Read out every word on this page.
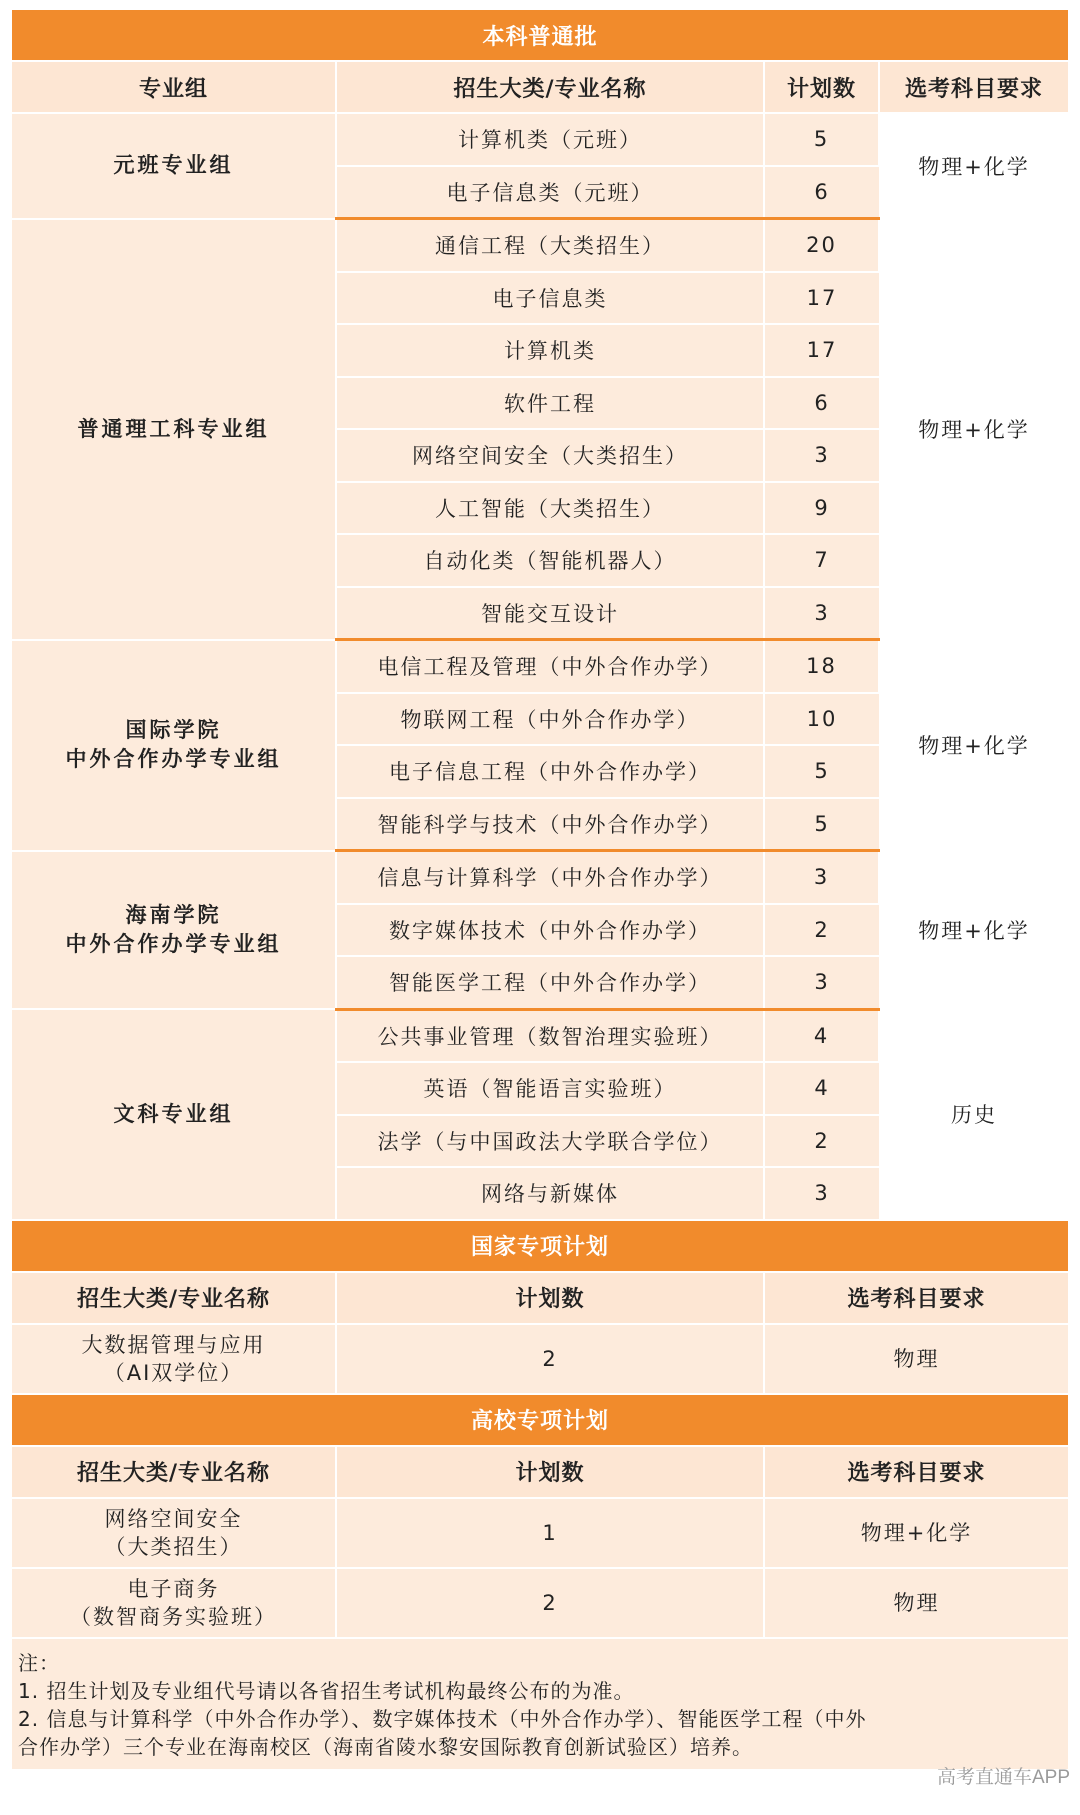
本科普通批			
专业组	招生大类/专业名称	计划数	选考科目要求
元班专业组	计算机类（元班）	5	物理+化学
	电子信息类（元班）	6	
普通理工科专业组	通信工程（大类招生）	20	物理+化学
	电子信息类	17	
	计算机类	17	
	软件工程	6	
	网络空间安全（大类招生）	3	
	人工智能（大类招生）	9	
	自动化类（智能机器人）	7	
	智能交互设计	3	
国际学院
中外合作办学专业组	电信工程及管理（中外合作办学）	18	物理+化学
	物联网工程（中外合作办学）	10	
	电子信息工程（中外合作办学）	5	
	智能科学与技术（中外合作办学）	5	
海南学院
中外合作办学专业组	信息与计算科学（中外合作办学）	3	物理+化学
	数字媒体技术（中外合作办学）	2	
	智能医学工程（中外合作办学）	3	
文科专业组	公共事业管理（数智治理实验班）	4	历史
	英语（智能语言实验班）	4	
	法学（与中国政法大学联合学位）	2	
	网络与新媒体	3	
国家专项计划		
招生大类/专业名称	计划数	选考科目要求
大数据管理与应用
（AI双学位）	2	物理
高校专项计划		
招生大类/专业名称	计划数	选考科目要求
网络空间安全
（大类招生）	1	物理+化学
电子商务
（数智商务实验班）	2	物理
注：
1. 招生计划及专业组代号请以各省招生考试机构最终公布的为准。
2. 信息与计算科学（中外合作办学）、数字媒体技术（中外合作办学）、智能医学工程（中外
合作办学）三个专业在海南校区（海南省陵水黎安国际教育创新试验区）培养。
高考直通车APP
